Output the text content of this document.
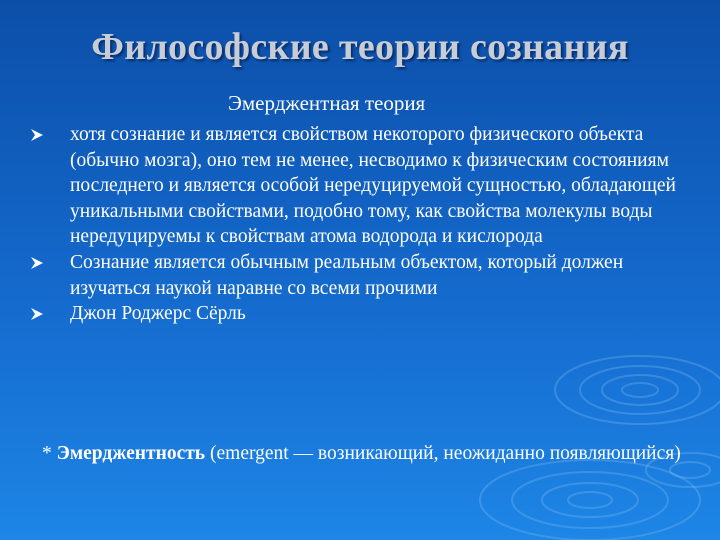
Философские теории сознания
Эмерджентная теория
хотя сознание и является свойством некоторого физического объекта (обычно мозга), оно тем не менее, несводимо к физическим состояниям последнего и является особой нередуцируемой сущностью, обладающей уникальными свойствами, подобно тому, как свойства молекулы воды нередуцируемы к свойствам атома водорода и кислорода
Сознание является обычным реальным объектом, который должен изучаться наукой наравне со всеми прочими
Джон Роджерс Сёрль
* Эмерджентность (emergent — возникающий, неожиданно появляющийся)
